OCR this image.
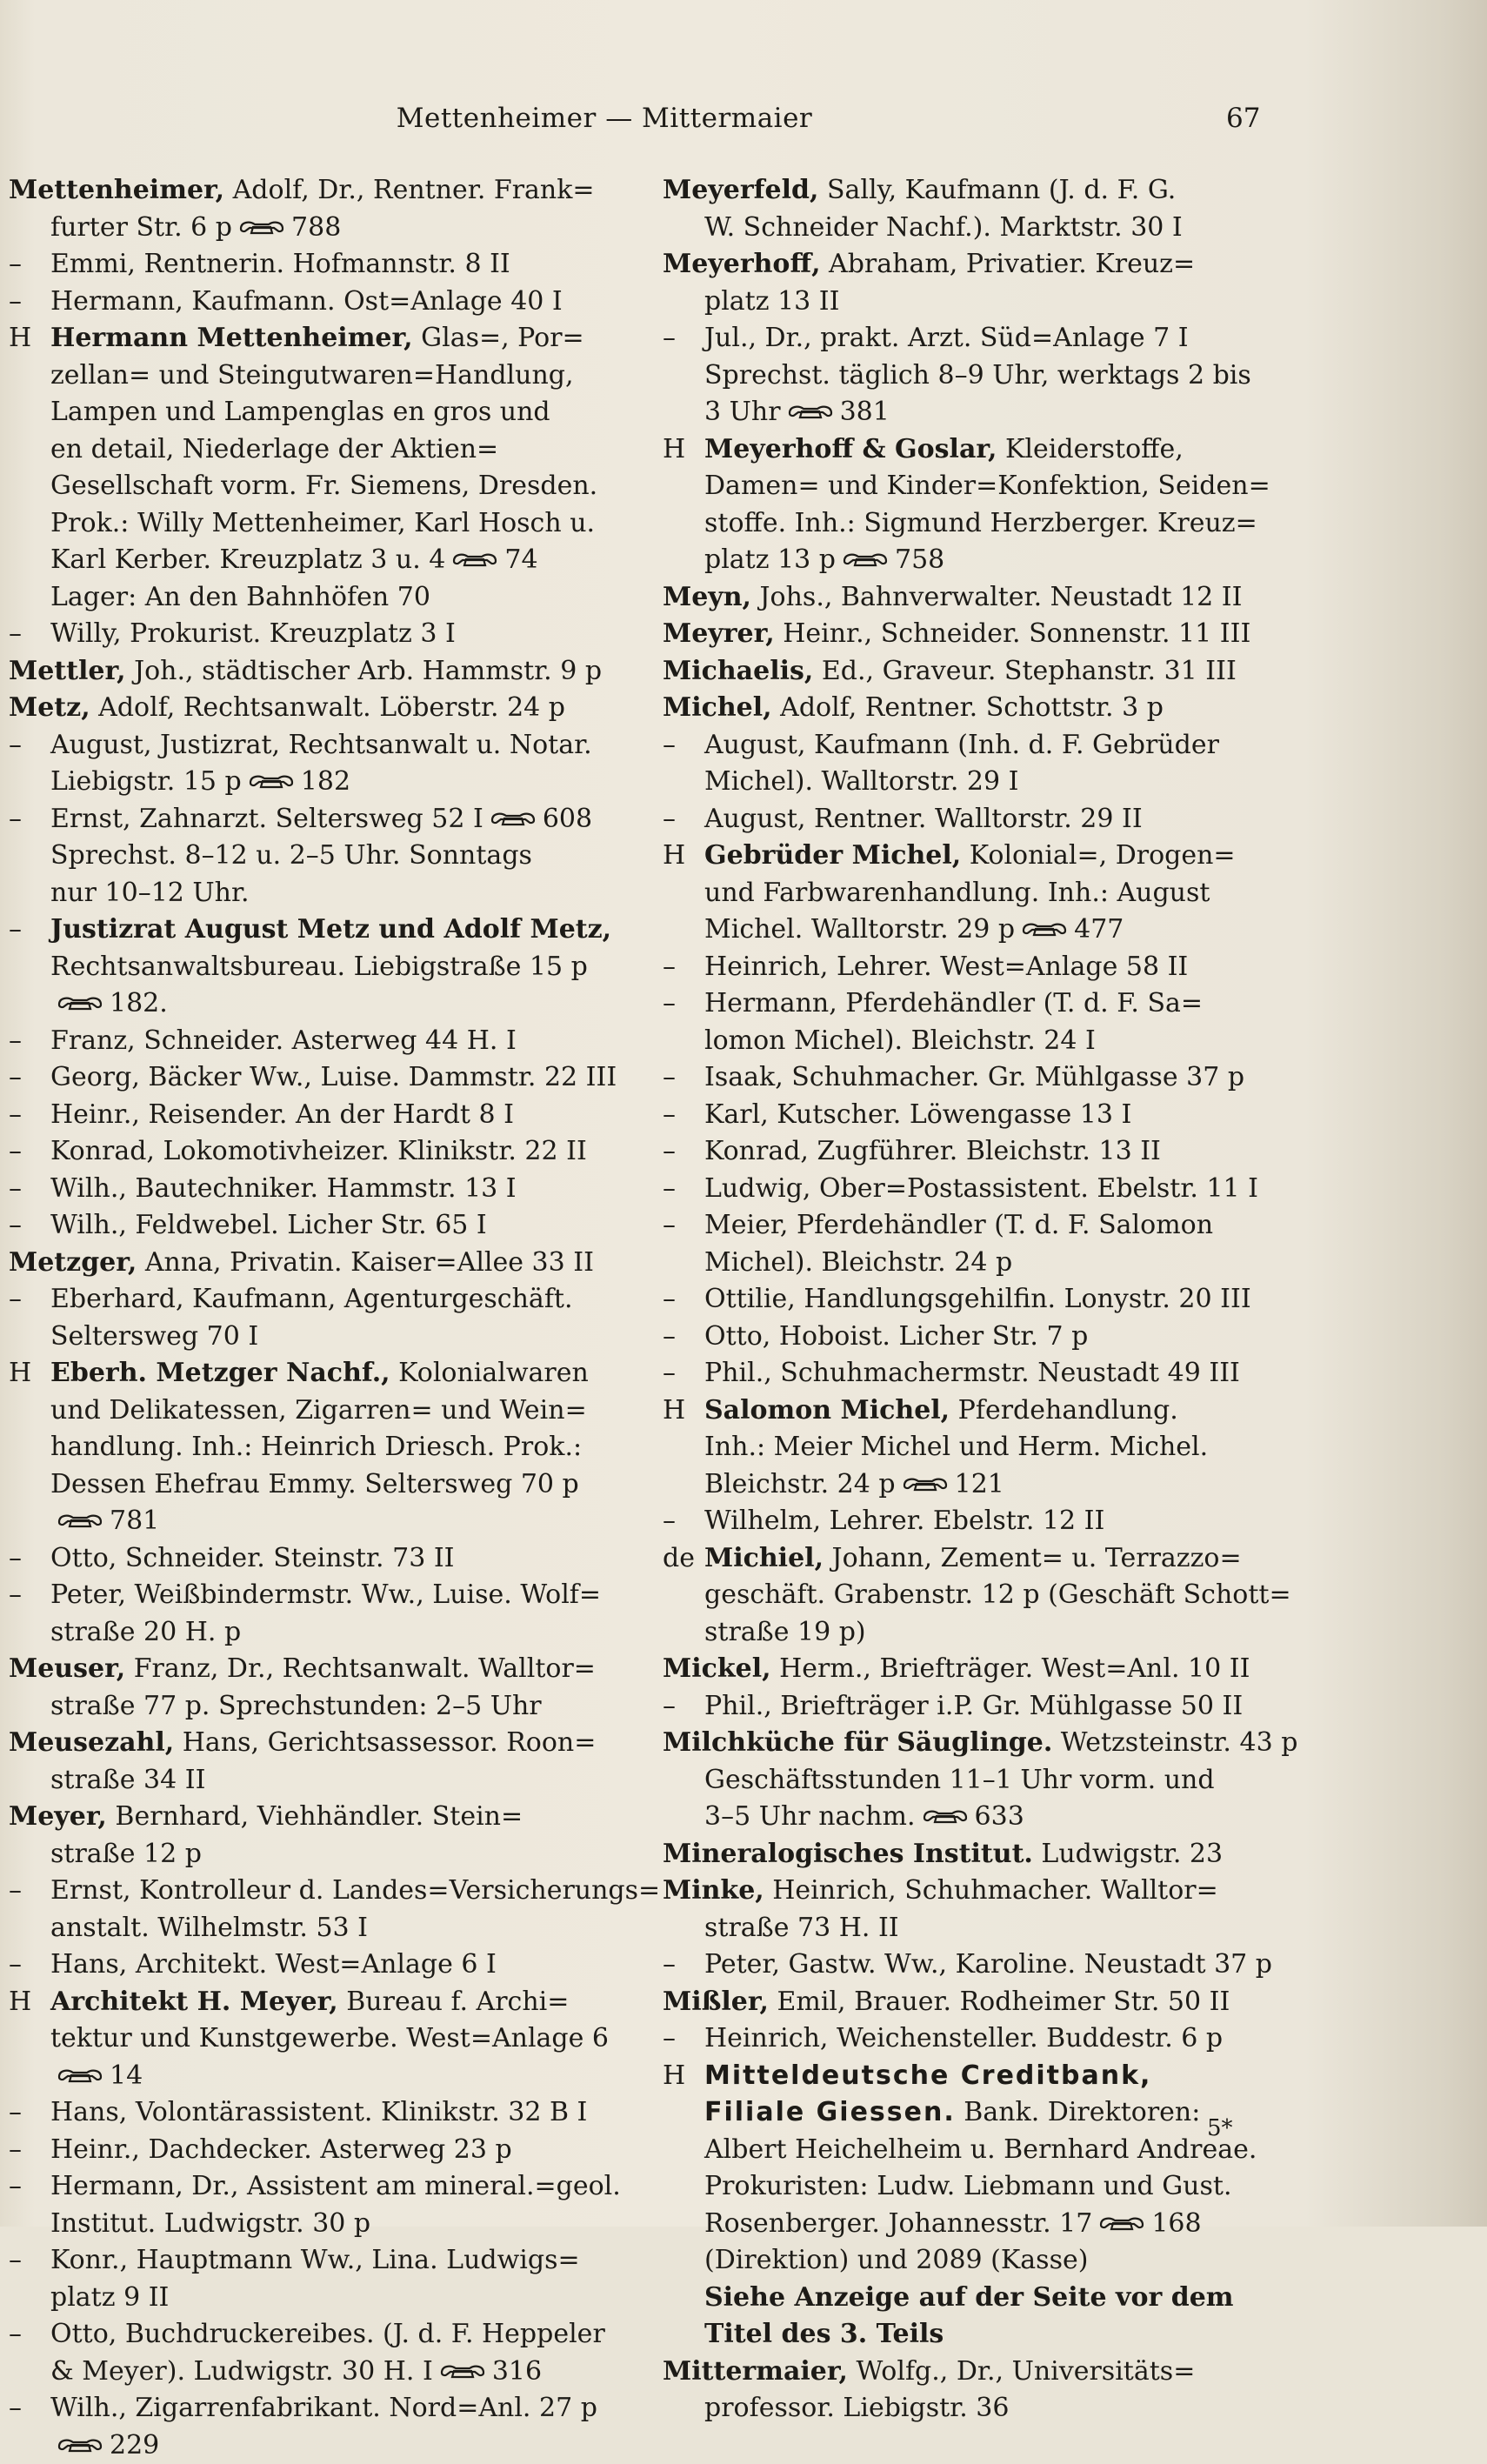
Mettenheimer — Mittermaier	67
Mettenheimer, Adolf, Dr., Rentner. Frank=
furter Str. 6 p 788
– Emmi, Rentnerin. Hofmannstr. 8 II
– Hermann, Kaufmann. Ost=Anlage 40 I
H Hermann Mettenheimer, Glas=, Por=
zellan= und Steingutwaren=Handlung,
Lampen und Lampenglas en gros und
en detail, Niederlage der Aktien=
Gesellschaft vorm. Fr. Siemens, Dresden.
Prok.: Willy Mettenheimer, Karl Hosch u.
Karl Kerber. Kreuzplatz 3 u. 4 74
Lager: An den Bahnhöfen 70
– Willy, Prokurist. Kreuzplatz 3 I
Mettler, Joh., städtischer Arb. Hammstr. 9 p
Metz, Adolf, Rechtsanwalt. Löberstr. 24 p
– August, Justizrat, Rechtsanwalt u. Notar.
Liebigstr. 15 p 182
– Ernst, Zahnarzt. Seltersweg 52 I 608
Sprechst. 8–12 u. 2–5 Uhr. Sonntags
nur 10–12 Uhr.
– Justizrat August Metz und Adolf Metz,
Rechtsanwaltsbureau. Liebigstraße 15 p
182.
– Franz, Schneider. Asterweg 44 H. I
– Georg, Bäcker Ww., Luise. Dammstr. 22 III
– Heinr., Reisender. An der Hardt 8 I
– Konrad, Lokomotivheizer. Klinikstr. 22 II
– Wilh., Bautechniker. Hammstr. 13 I
– Wilh., Feldwebel. Licher Str. 65 I
Metzger, Anna, Privatin. Kaiser=Allee 33 II
– Eberhard, Kaufmann, Agenturgeschäft.
Seltersweg 70 I
H Eberh. Metzger Nachf., Kolonialwaren
und Delikatessen, Zigarren= und Wein=
handlung. Inh.: Heinrich Driesch. Prok.:
Dessen Ehefrau Emmy. Seltersweg 70 p
781
– Otto, Schneider. Steinstr. 73 II
– Peter, Weißbindermstr. Ww., Luise. Wolf=
straße 20 H. p
Meuser, Franz, Dr., Rechtsanwalt. Walltor=
straße 77 p. Sprechstunden: 2–5 Uhr
Meusezahl, Hans, Gerichtsassessor. Roon=
straße 34 II
Meyer, Bernhard, Viehhändler. Stein=
straße 12 p
– Ernst, Kontrolleur d. Landes=Versicherungs=
anstalt. Wilhelmstr. 53 I
– Hans, Architekt. West=Anlage 6 I
H Architekt H. Meyer, Bureau f. Archi=
tektur und Kunstgewerbe. West=Anlage 6
14
– Hans, Volontärassistent. Klinikstr. 32 B I
– Heinr., Dachdecker. Asterweg 23 p
– Hermann, Dr., Assistent am mineral.=geol.
Institut. Ludwigstr. 30 p
– Konr., Hauptmann Ww., Lina. Ludwigs=
platz 9 II
– Otto, Buchdruckereibes. (J. d. F. Heppeler
& Meyer). Ludwigstr. 30 H. I 316
– Wilh., Zigarrenfabrikant. Nord=Anl. 27 p
229
Meyerfeld, Sally, Kaufmann (J. d. F. G.
W. Schneider Nachf.). Marktstr. 30 I
Meyerhoff, Abraham, Privatier. Kreuz=
platz 13 II
– Jul., Dr., prakt. Arzt. Süd=Anlage 7 I
Sprechst. täglich 8–9 Uhr, werktags 2 bis
3 Uhr 381
H Meyerhoff & Goslar, Kleiderstoffe,
Damen= und Kinder=Konfektion, Seiden=
stoffe. Inh.: Sigmund Herzberger. Kreuz=
platz 13 p 758
Meyn, Johs., Bahnverwalter. Neustadt 12 II
Meyrer, Heinr., Schneider. Sonnenstr. 11 III
Michaelis, Ed., Graveur. Stephanstr. 31 III
Michel, Adolf, Rentner. Schottstr. 3 p
– August, Kaufmann (Inh. d. F. Gebrüder
Michel). Walltorstr. 29 I
– August, Rentner. Walltorstr. 29 II
H Gebrüder Michel, Kolonial=, Drogen=
und Farbwarenhandlung. Inh.: August
Michel. Walltorstr. 29 p 477
– Heinrich, Lehrer. West=Anlage 58 II
– Hermann, Pferdehändler (T. d. F. Sa=
lomon Michel). Bleichstr. 24 I
– Isaak, Schuhmacher. Gr. Mühlgasse 37 p
– Karl, Kutscher. Löwengasse 13 I
– Konrad, Zugführer. Bleichstr. 13 II
– Ludwig, Ober=Postassistent. Ebelstr. 11 I
– Meier, Pferdehändler (T. d. F. Salomon
Michel). Bleichstr. 24 p
– Ottilie, Handlungsgehilfin. Lonystr. 20 III
– Otto, Hoboist. Licher Str. 7 p
– Phil., Schuhmachermstr. Neustadt 49 III
H Salomon Michel, Pferdehandlung.
Inh.: Meier Michel und Herm. Michel.
Bleichstr. 24 p 121
– Wilhelm, Lehrer. Ebelstr. 12 II
de Michiel, Johann, Zement= u. Terrazzo=
geschäft. Grabenstr. 12 p (Geschäft Schott=
straße 19 p)
Mickel, Herm., Briefträger. West=Anl. 10 II
– Phil., Briefträger i.P. Gr. Mühlgasse 50 II
Milchküche für Säuglinge. Wetzsteinstr. 43 p
Geschäftsstunden 11–1 Uhr vorm. und
3–5 Uhr nachm. 633
Mineralogisches Institut. Ludwigstr. 23
Minke, Heinrich, Schuhmacher. Walltor=
straße 73 H. II
– Peter, Gastw. Ww., Karoline. Neustadt 37 p
Mißler, Emil, Brauer. Rodheimer Str. 50 II
– Heinrich, Weichensteller. Buddestr. 6 p
H Mitteldeutsche Creditbank,
Filiale Giessen. Bank. Direktoren:
Albert Heichelheim u. Bernhard Andreae.
Prokuristen: Ludw. Liebmann und Gust.
Rosenberger. Johannesstr. 17 168
(Direktion) und 2089 (Kasse)
Siehe Anzeige auf der Seite vor dem
Titel des 3. Teils
Mittermaier, Wolfg., Dr., Universitäts=
professor. Liebigstr. 36
5*
